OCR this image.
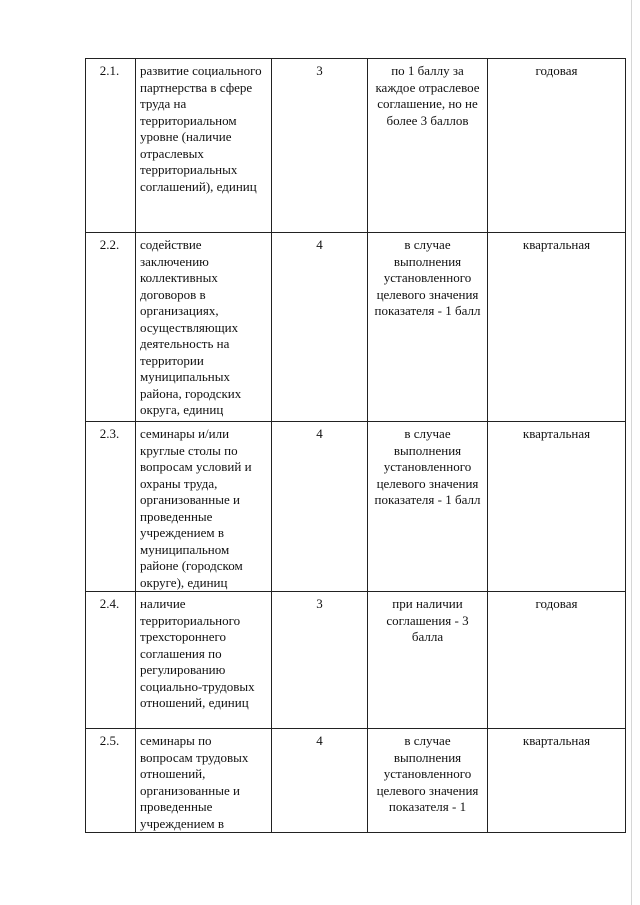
2.1.	развитие социального партнерства в сфере труда на территориальном уровне (наличие отраслевых территориальных соглашений), единиц	3	по 1 баллу за каждое отраслевое соглашение, но не более 3 баллов	годовая
2.2.	содействие заключению коллективных договоров в организациях, осуществляющих деятельность на территории муниципальных района, городских округа, единиц	4	в случае выполнения установленного целевого значения показателя - 1 балл	квартальная
2.3.	семинары и/или круглые столы по вопросам условий и охраны труда, организованные и проведенные учреждением в муниципальном районе (городском округе), единиц	4	в случае выполнения установленного целевого значения показателя - 1 балл	квартальная
2.4.	наличие территориального трехстороннего соглашения по регулированию социально-трудовых отношений, единиц	3	при наличии соглашения - 3 балла	годовая
2.5.	семинары по вопросам трудовых отношений, организованные и проведенные учреждением в	4	в случае выполнения установленного целевого значения показателя - 1	квартальная
